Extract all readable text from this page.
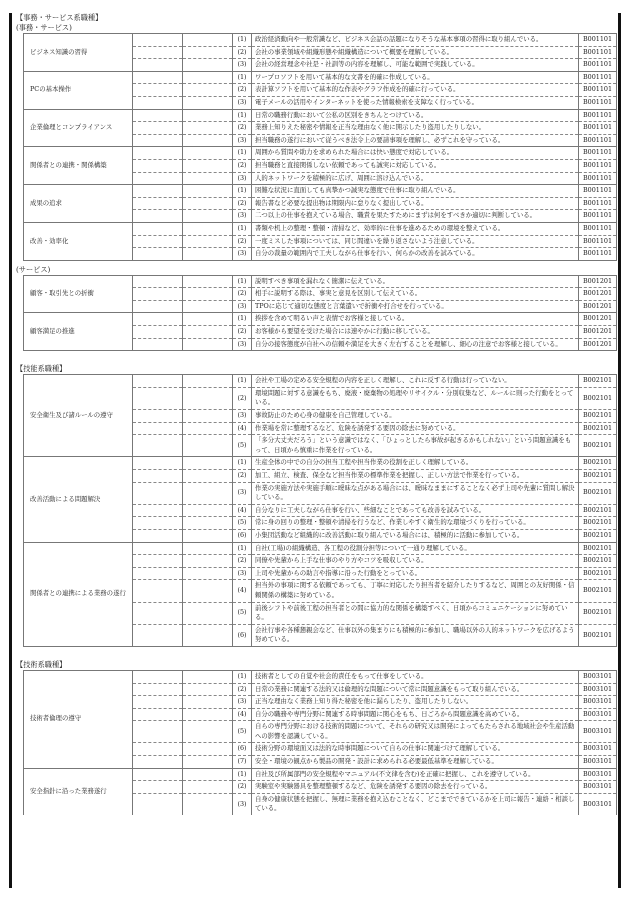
【事務・サービス系職種】
(事務・サービス)
ビジネス知識の習得			(1)	政治経済動向や一般常識など、ビジネス会話の話題になりそうな基本事項の習得に取り組んでいる。	B001101
			(2)	会社の事業領域や組織形態や組織構造について概要を理解している。	B001101
			(3)	会社の経営理念や社是・社訓等の内容を理解し、可能な範囲で実践している。	B001101
PCの基本操作			(1)	ワープロソフトを用いて基本的な文書を的確に作成している。	B001101
			(2)	表計算ソフトを用いて基本的な作表やグラフ作成を的確に行っている。	B001101
			(3)	電子メールの活用やインターネットを使った情報検索を支障なく行っている。	B001101
企業倫理とコンプライアンス			(1)	日常の職務行動において公私の区別をきちんとつけている。	B001101
			(2)	業務上知りえた秘密や情報を正当な理由なく他に開示したり盗用したりしない。	B001101
			(3)	担当職務の遂行において従うべき法令上の要請事項を理解し、必ずこれを守っている。	B001101
関係者との連携・関係構築			(1)	周囲から質問や助力を求められた場合には快い態度で対応している。	B001101
			(2)	担当職務と直接関係しない依頼であっても誠実に対応している。	B001101
			(3)	人的ネットワークを積極的に広げ、周囲に溶け込んでいる。	B001101
成果の追求			(1)	困難な状況に直面しても真摯かつ誠実な態度で仕事に取り組んでいる。	B001101
			(2)	報告書など必要な提出物は期限内に怠りなく提出している。	B001101
			(3)	二つ以上の仕事を抱えている場合、職責を果たすためにまずは何をすべきか適切に判断している。	B001101
改善・効率化			(1)	書類や机上の整理・整頓・清掃など、効率的に仕事を進めるための環境を整えている。	B001101
			(2)	一度ミスした事項については、同じ間違いを繰り返さないよう注意している。	B001101
			(3)	自分の裁量の範囲内で工夫しながら仕事を行い、何らかの改善を試みている。	B001101
(サービス)
顧客・取引先との折衝			(1)	説明すべき事項を漏れなく簡潔に伝えている。	B001201
			(2)	相手に説明する際は、事実と意見を区別して伝えている。	B001201
			(3)	TPOに応じて適切な態度と言葉遣いで折衝や打合せを行っている。	B001201
顧客満足の推進			(1)	挨拶を含めて明るい声と表情でお客様と接している。	B001201
			(2)	お客様から要望を受けた場合には速やかに行動に移している。	B001201
			(3)	自分の接客態度が自社への信頼や満足を大きく左右することを理解し、細心の注意でお客様と接している。	B001201
【技能系職種】
安全衛生及び諸ルールの遵守			(1)	会社や工場の定める安全規程の内容を正しく理解し、これに反する行動は行っていない。	B002101
			(2)	環境問題に対する意識をもち、廃液・廃棄物の処理やリサイクル・分別収集など、ルールに則った行動をとっている。	B002101
			(3)	事故防止のため心身の健康を自己管理している。	B002101
			(4)	作業場を常に整理するなど、危険を誘発する要因の除去に努めている。	B002101
			(5)	「多分大丈夫だろう」という意識ではなく、「ひょっとしたら事故が起きるかもしれない」という問題意識をもって、日頃から慎重に作業を行っている。	B002101
改善活動による問題解決			(1)	生産全体の中での自分の担当工程や担当作業の役割を正しく理解している。	B002101
			(2)	加工、組立、検査、保全など担当作業の標準作業を把握し、正しい方法で作業を行っている。	B002101
			(3)	作業の実施方法や実施手順に曖昧な点がある場合には、曖昧なままにすることなく必ず上司や先輩に質問し解決している。	B002101
			(4)	自分なりに工夫しながら仕事を行い、些細なことであっても改善を試みている。	B002101
			(5)	常に身の回りの整理・整頓や清掃を行うなど、作業しやすく衛生的な環境づくりを行っている。	B002101
			(6)	小集団活動など組織的に改善活動に取り組んでいる場合には、積極的に活動に参加している。	B002101
関係者との連携による業務の遂行			(1)	自社(工場)の組織構造、各工程の役割分担等について一通り理解している。	B002101
			(2)	同僚や先輩から上手な仕事のやり方やコツを吸収している。	B002101
			(3)	上司や先輩からの助言や指導に沿った行動をとっている。	B002101
			(4)	担当外の事項に関する依頼であっても、丁寧に対応したり担当者を紹介したりするなど、周囲との友好関係・信頼関係の構築に努めている。	B002101
			(5)	前後シフトや前後工程の担当者との間に協力的な関係を構築すべく、日頃からコミュニケーションに努めている。	B002101
			(6)	会社行事や各種懇親会など、仕事以外の集まりにも積極的に参加し、職場以外の人的ネットワークを広げるよう努めている。	B002101
【技術系職種】
技術者倫理の遵守			(1)	技術者としての自覚や社会的責任をもって仕事をしている。	B003101
			(2)	日常の業務に関連する法的又は倫理的な問題について常に問題意識をもって取り組んでいる。	B003101
			(3)	正当な理由なく業務上知り得た秘密を他に漏らしたり、盗用したりしない。	B003101
			(4)	自分の職務や専門分野に関連する時事問題に関心をもち、日ごろから問題意識を高めている。	B003101
			(5)	自らの専門分野における技術的問題について、それらの研究又は開発によってもたらされる地域社会や生産活動への影響を認識している。	B003101
			(6)	技術分野の環境面又は法的な時事問題について自らの仕事に関連づけて理解している。	B003101
			(7)	安全・環境の観点から製品の開発・設計に求められる必要最低基準を理解している。	B003101
安全指針に沿った業務遂行			(1)	自社及び所属部門の安全規程やマニュアル(不文律を含む)を正確に把握し、これを遵守している。	B003101
			(2)	実験室や実験器具を整理整頓するなど、危険を誘発する要因の除去を行っている。	B003101
			(3)	自身の健康状態を把握し、無理に業務を抱え込むことなく、どこまでできているかを上司に報告・連絡・相談している。	B003101
